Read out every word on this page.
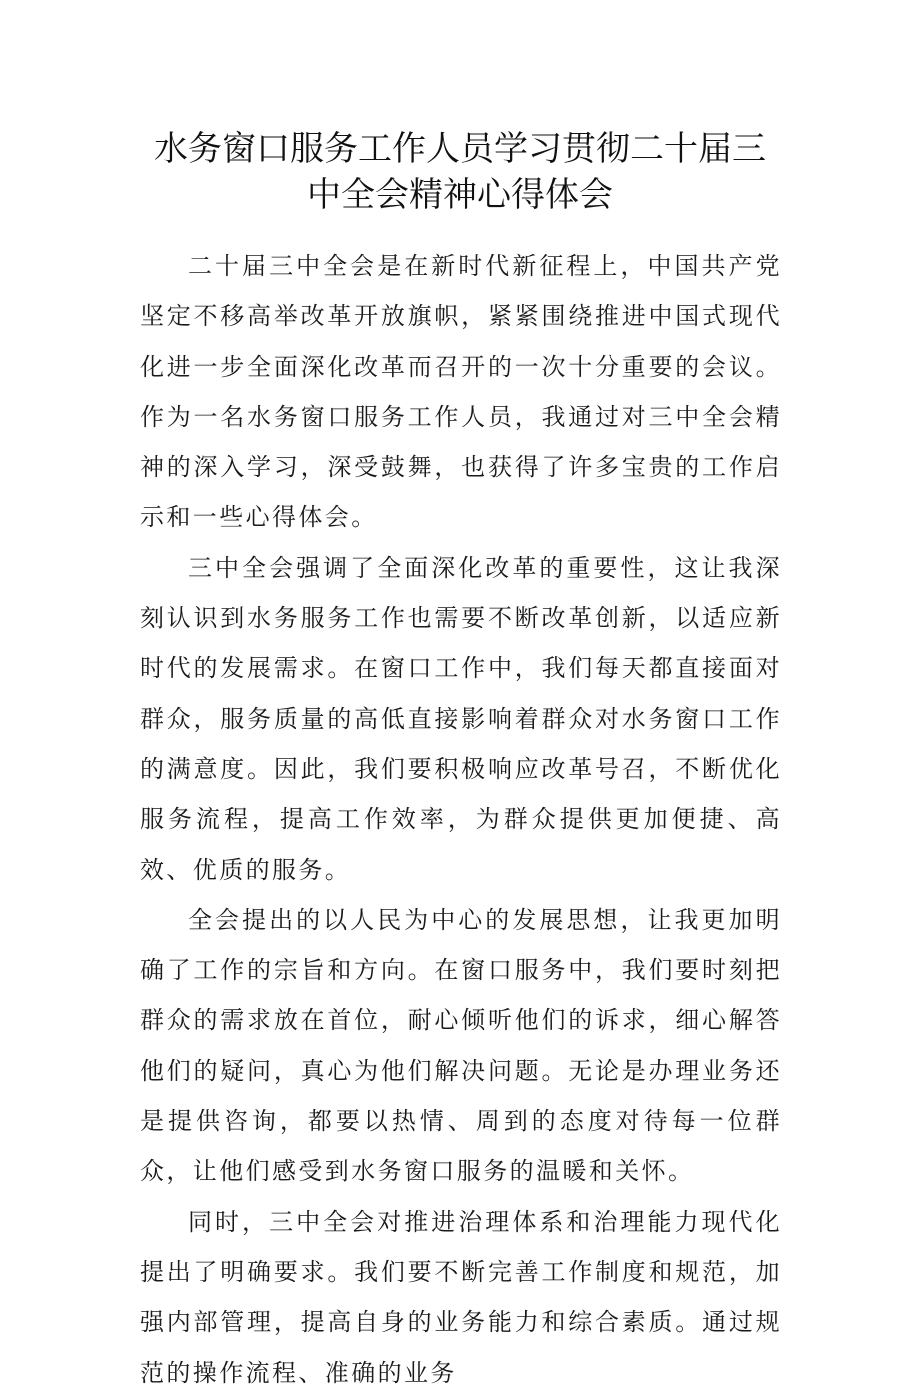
水务窗口服务工作人员学习贯彻二十届三
中全会精神心得体会

二十届三中全会是在新时代新征程上，中国共产党坚定不移高举改革开放旗帜，紧紧围绕推进中国式现代化进一步全面深化改革而召开的一次十分重要的会议。作为一名水务窗口服务工作人员，我通过对三中全会精神的深入学习，深受鼓舞，也获得了许多宝贵的工作启示和一些心得体会。

三中全会强调了全面深化改革的重要性，这让我深刻认识到水务服务工作也需要不断改革创新，以适应新时代的发展需求。在窗口工作中，我们每天都直接面对群众，服务质量的高低直接影响着群众对水务窗口工作的满意度。因此，我们要积极响应改革号召，不断优化服务流程，提高工作效率，为群众提供更加便捷、高效、优质的服务。

全会提出的以人民为中心的发展思想，让我更加明确了工作的宗旨和方向。在窗口服务中，我们要时刻把群众的需求放在首位，耐心倾听他们的诉求，细心解答他们的疑问，真心为他们解决问题。无论是办理业务还是提供咨询，都要以热情、周到的态度对待每一位群众，让他们感受到水务窗口服务的温暖和关怀。

同时，三中全会对推进治理体系和治理能力现代化提出了明确要求。我们要不断完善工作制度和规范，加强内部管理，提高自身的业务能力和综合素质。通过规范的操作流程、准确的业务
